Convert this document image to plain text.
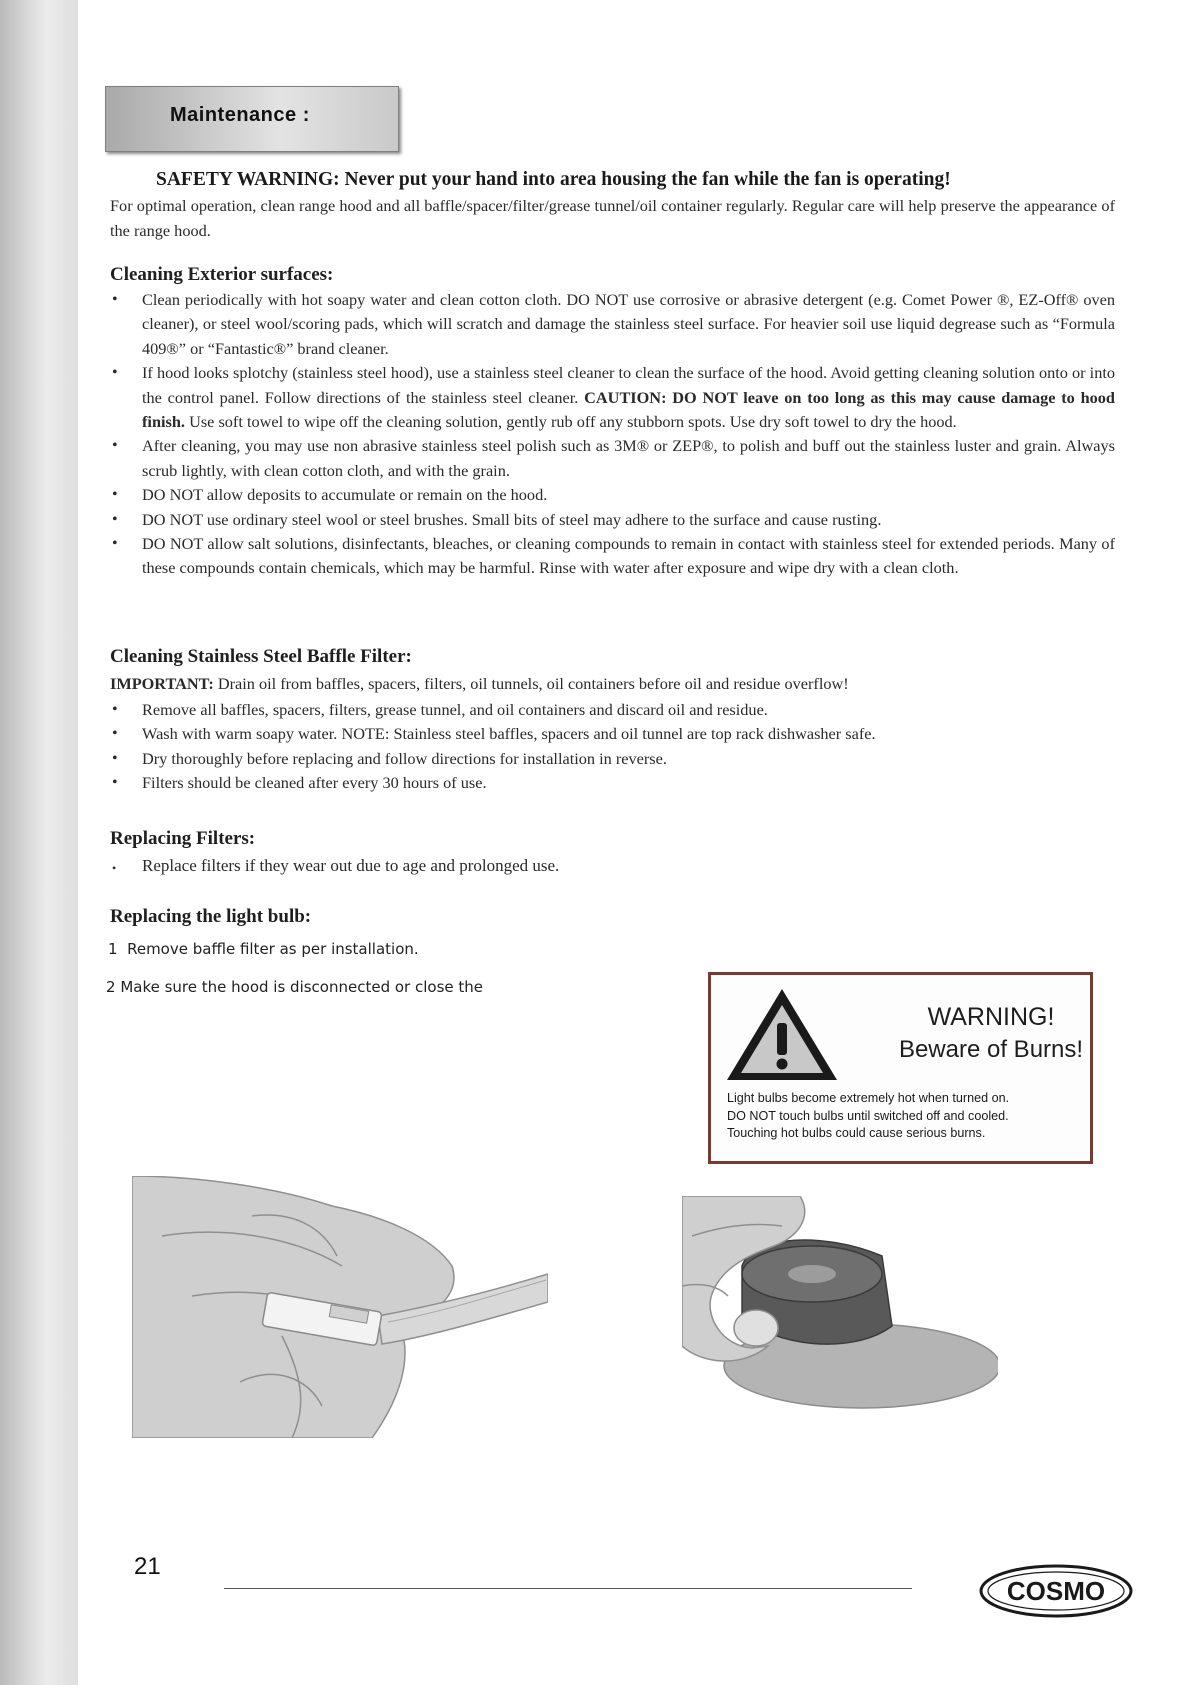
Maintenance :
SAFETY WARNING: Never put your hand into area housing the fan while the fan is operating!
For optimal operation, clean range hood and all baffle/spacer/filter/grease tunnel/oil container regularly. Regular care will help preserve the appearance of the range hood.
Cleaning Exterior surfaces:
• Clean periodically with hot soapy water and clean cotton cloth. DO NOT use corrosive or abrasive detergent (e.g. Comet Power ®, EZ-Off® oven cleaner), or steel wool/scoring pads, which will scratch and damage the stainless steel surface. For heavier soil use liquid degrease such as “Formula 409®” or “Fantastic®” brand cleaner.
• If hood looks splotchy (stainless steel hood), use a stainless steel cleaner to clean the surface of the hood. Avoid getting cleaning solution onto or into the control panel. Follow directions of the stainless steel cleaner. CAUTION: DO NOT leave on too long as this may cause damage to hood finish. Use soft towel to wipe off the cleaning solution, gently rub off any stubborn spots. Use dry soft towel to dry the hood.
• After cleaning, you may use non abrasive stainless steel polish such as 3M® or ZEP®, to polish and buff out the stainless luster and grain. Always scrub lightly, with clean cotton cloth, and with the grain.
• DO NOT allow deposits to accumulate or remain on the hood.
• DO NOT use ordinary steel wool or steel brushes. Small bits of steel may adhere to the surface and cause rusting.
• DO NOT allow salt solutions, disinfectants, bleaches, or cleaning compounds to remain in contact with stainless steel for extended periods. Many of these compounds contain chemicals, which may be harmful. Rinse with water after exposure and wipe dry with a clean cloth.
Cleaning Stainless Steel Baffle Filter:
IMPORTANT: Drain oil from baffles, spacers, filters, oil tunnels, oil containers before oil and residue overflow!
• Remove all baffles, spacers, filters, grease tunnel, and oil containers and discard oil and residue.
• Wash with warm soapy water. NOTE: Stainless steel baffles, spacers and oil tunnel are top rack dishwasher safe.
• Dry thoroughly before replacing and follow directions for installation in reverse.
• Filters should be cleaned after every 30 hours of use.
Replacing Filters:
• Replace filters if they wear out due to age and prolonged use.
Replacing the light bulb:
1 Remove baffle filter as per installation.
2 Make sure the hood is disconnected or close the
WARNING!
Beware of Burns!
Light bulbs become extremely hot when turned on.
DO NOT touch bulbs until switched off and cooled.
Touching hot bulbs could cause serious burns.
21
COSMO
